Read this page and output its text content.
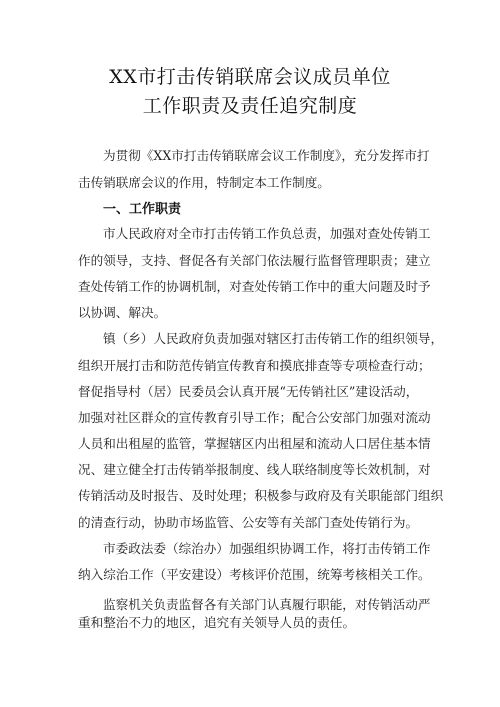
XX市打击传销联席会议成员单位
工作职责及责任追究制度
为贯彻《XX市打击传销联席会议工作制度》，充分发挥市打
击传销联席会议的作用，特制定本工作制度。
一、工作职责
市人民政府对全市打击传销工作负总责，加强对查处传销工
作的领导，支持、督促各有关部门依法履行监督管理职责；建立
查处传销工作的协调机制，对查处传销工作中的重大问题及时予
以协调、解决。
镇（乡）人民政府负责加强对辖区打击传销工作的组织领导，
组织开展打击和防范传销宣传教育和摸底排查等专项检查行动；
督促指导村（居）民委员会认真开展“无传销社区”建设活动，
加强对社区群众的宣传教育引导工作；配合公安部门加强对流动
人员和出租屋的监管，掌握辖区内出租屋和流动人口居住基本情
况、建立健全打击传销举报制度、线人联络制度等长效机制，对
传销活动及时报告、及时处理；积极参与政府及有关职能部门组织
的清查行动，协助市场监管、公安等有关部门查处传销行为。
市委政法委（综治办）加强组织协调工作，将打击传销工作
纳入综治工作（平安建设）考核评价范围，统筹考核相关工作。
监察机关负责监督各有关部门认真履行职能，对传销活动严
重和整治不力的地区，追究有关领导人员的责任。
